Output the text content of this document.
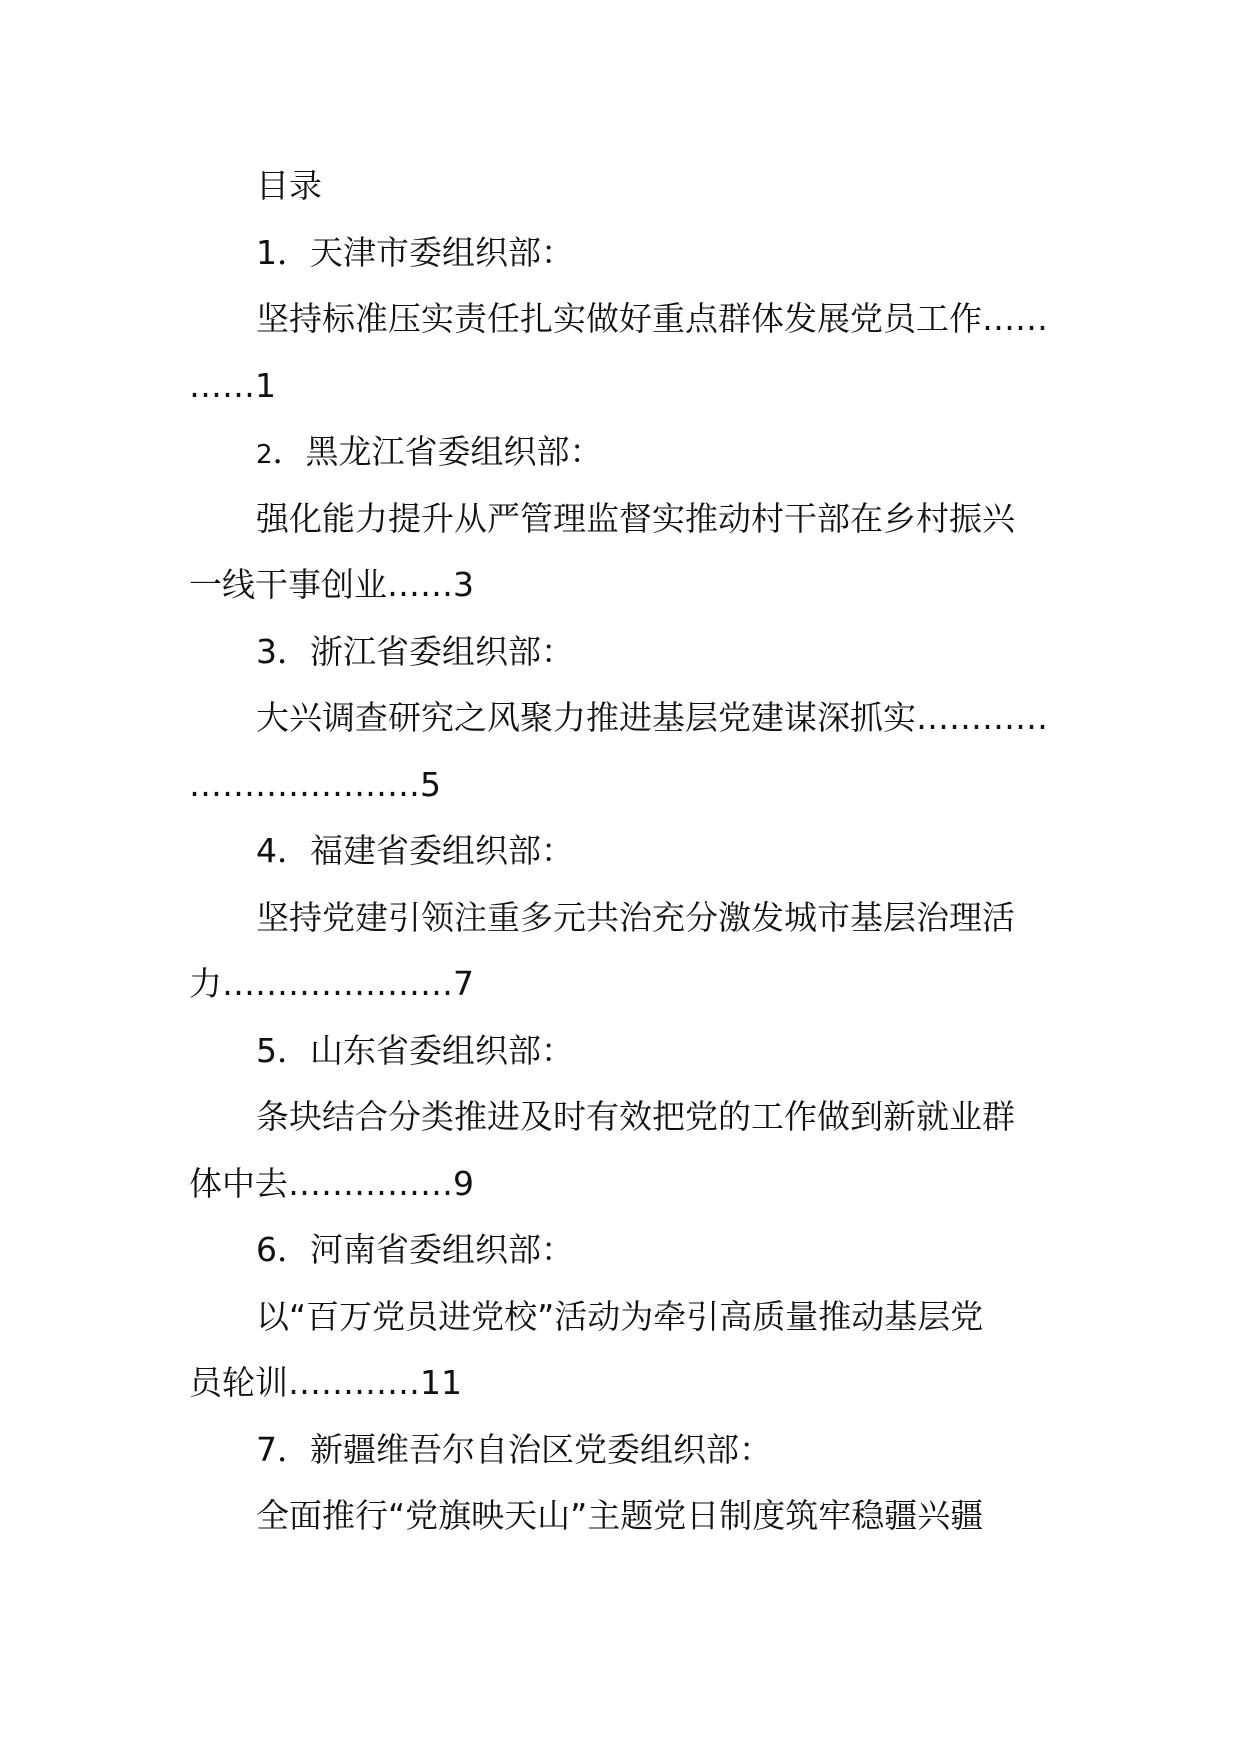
目录
1．天津市委组织部：
坚持标准压实责任扎实做好重点群体发展党员工作……
……1
2．黑龙江省委组织部：
强化能力提升从严管理监督实推动村干部在乡村振兴
一线干事创业……3
3．浙江省委组织部：
大兴调查研究之风聚力推进基层党建谋深抓实…………
…………………5
4．福建省委组织部：
坚持党建引领注重多元共治充分激发城市基层治理活
力…………………7
5．山东省委组织部：
条块结合分类推进及时有效把党的工作做到新就业群
体中去……………9
6．河南省委组织部：
以“百万党员进党校”活动为牵引高质量推动基层党
员轮训…………11
7．新疆维吾尔自治区党委组织部：
全面推行“党旗映天山”主题党日制度筑牢稳疆兴疆
